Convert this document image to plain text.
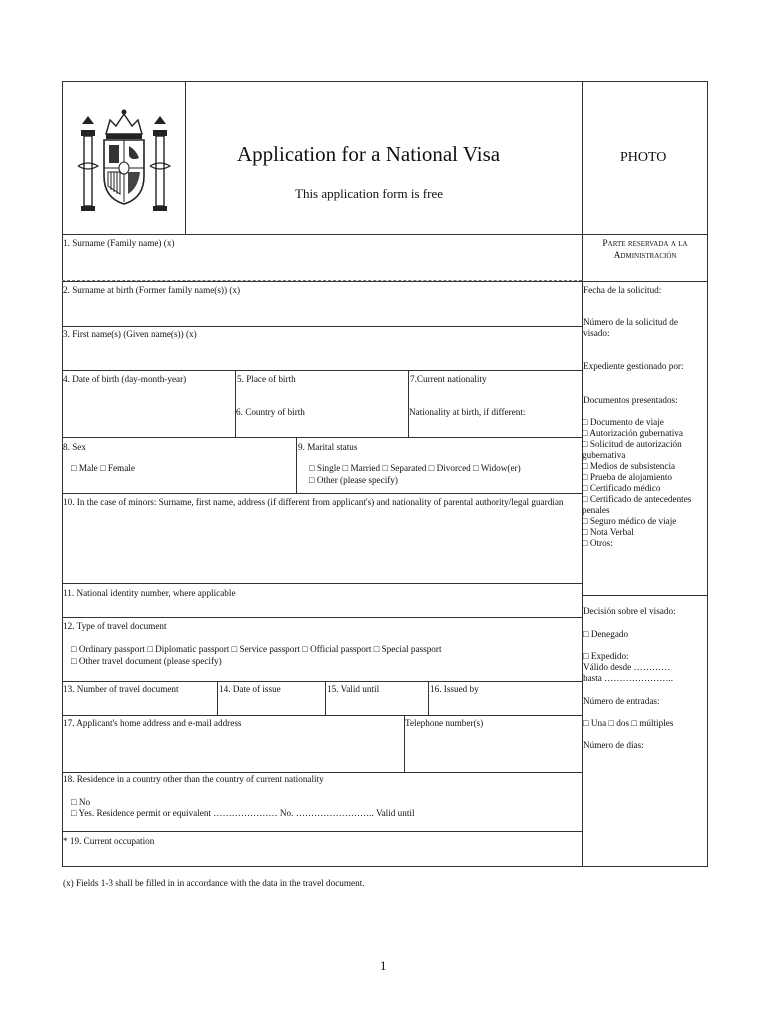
Application for a National Visa
This application form is free
PHOTO
1. Surname (Family name) (x)
2. Surname at birth (Former family name(s)) (x)
3. First name(s) (Given name(s)) (x)
4. Date of birth (day-month-year)	5. Place of birth
6. Country of birth
7.Current nationality
Nationality at birth, if different:
8. Sex
□ Male □ Female
9. Marital status
□ Single □ Married □ Separated □ Divorced □ Widow(er)
□ Other (please specify)
10. In the case of minors: Surname, first name, address (if different from applicant's) and nationality of parental authority/legal guardian
11. National identity number, where applicable
12. Type of travel document
□ Ordinary passport □ Diplomatic passport □ Service passport □ Official passport □ Special passport
□ Other travel document (please specify)
13. Number of travel document	14. Date of issue	15. Valid until	16. Issued by
17. Applicant's home address and e-mail address	Telephone number(s)
18. Residence in a country other than the country of current nationality
□ No
□ Yes. Residence permit or equivalent ………………… No. …………………….. Valid until
* 19. Current occupation
Parte reservada a la Administración
Fecha de la solicitud:
Número de la solicitud de visado:
Expediente gestionado por:
Documentos presentados:
□ Documento de viaje
□ Autorización gubernativa
□ Solicitud de autorización gubernativa
□ Medios de subsistencia
□ Prueba de alojamiento
□ Certificado médico
□ Certificado de antecedentes penales
□ Seguro médico de viaje
□ Nota Verbal
□ Otros:
Decisión sobre el visado:
□ Denegado
□ Expedido:
Válido desde …………
hasta …………………..
Número de entradas:
□ Una □ dos □ múltiples
Número de días:
(x) Fields 1-3 shall be filled in in accordance with the data in the travel document.
1
